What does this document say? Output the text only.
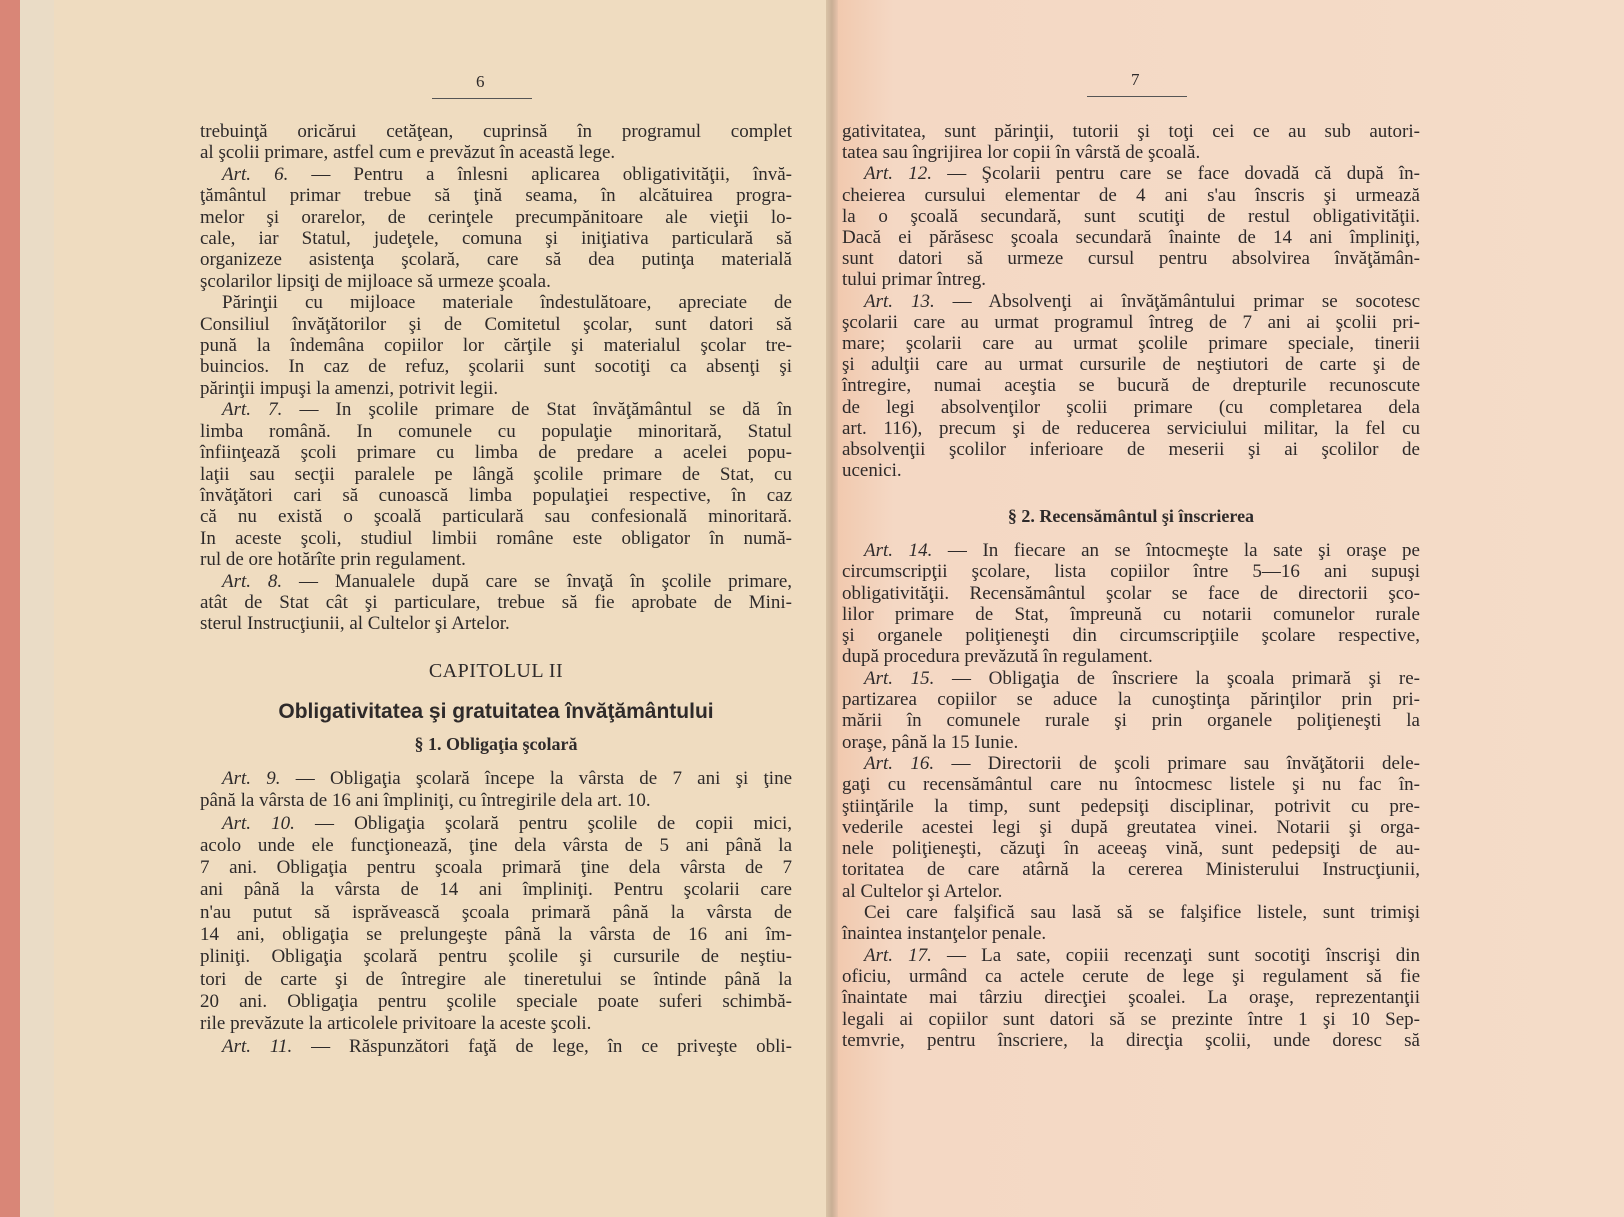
6	7
trebuinţă oricărui cetăţean, cuprinsă în programul complet
al şcolii primare, astfel cum e prevăzut în această lege.
Art. 6. — Pentru a înlesni aplicarea obligativităţii, învă-
ţământul primar trebue să ţină seama, în alcătuirea progra-
melor şi orarelor, de cerinţele precumpănitoare ale vieţii lo-
cale, iar Statul, judeţele, comuna şi iniţiativa particulară să
organizeze asistenţa şcolară, care să dea putinţa materială
şcolarilor lipsiţi de mijloace să urmeze şcoala.
Părinţii cu mijloace materiale îndestulătoare, apreciate de
Consiliul învăţătorilor şi de Comitetul şcolar, sunt datori să
pună la îndemâna copiilor lor cărţile şi materialul şcolar tre-
buincios. In caz de refuz, şcolarii sunt socotiţi ca absenţi şi
părinţii impuşi la amenzi, potrivit legii.
Art. 7. — In şcolile primare de Stat învăţământul se dă în
limba română. In comunele cu populaţie minoritară, Statul
înfiinţează şcoli primare cu limba de predare a acelei popu-
laţii sau secţii paralele pe lângă şcolile primare de Stat, cu
învăţători cari să cunoască limba populaţiei respective, în caz
că nu există o şcoală particulară sau confesională minoritară.
In aceste şcoli, studiul limbii române este obligator în numă-
rul de ore hotărîte prin regulament.
Art. 8. — Manualele după care se învaţă în şcolile primare,
atât de Stat cât şi particulare, trebue să fie aprobate de Mini-
sterul Instrucţiunii, al Cultelor şi Artelor.
CAPITOLUL II
Obligativitatea şi gratuitatea învăţământului
§ 1. Obligaţia şcolară
Art. 9. — Obligaţia şcolară începe la vârsta de 7 ani şi ţine
până la vârsta de 16 ani împliniţi, cu întregirile dela art. 10.
Art. 10. — Obligaţia şcolară pentru şcolile de copii mici,
acolo unde ele funcţionează, ţine dela vârsta de 5 ani până la
7 ani. Obligaţia pentru şcoala primară ţine dela vârsta de 7
ani până la vârsta de 14 ani împliniţi. Pentru şcolarii care
n'au putut să isprăvească şcoala primară până la vârsta de
14 ani, obligaţia se prelungeşte până la vârsta de 16 ani îm-
pliniţi. Obligaţia şcolară pentru şcolile şi cursurile de neştiu-
tori de carte şi de întregire ale tineretului se întinde până la
20 ani. Obligaţia pentru şcolile speciale poate suferi schimbă-
rile prevăzute la articolele privitoare la aceste şcoli.
Art. 11. — Răspunzători faţă de lege, în ce priveşte obli-
gativitatea, sunt părinţii, tutorii şi toţi cei ce au sub autori-
tatea sau îngrijirea lor copii în vârstă de şcoală.
Art. 12. — Şcolarii pentru care se face dovadă că după în-
cheierea cursului elementar de 4 ani s'au înscris şi urmează
la o şcoală secundară, sunt scutiţi de restul obligativităţii.
Dacă ei părăsesc şcoala secundară înainte de 14 ani împliniţi,
sunt datori să urmeze cursul pentru absolvirea învăţămân-
tului primar întreg.
Art. 13. — Absolvenţi ai învăţământului primar se socotesc
şcolarii care au urmat programul întreg de 7 ani ai şcolii pri-
mare; şcolarii care au urmat şcolile primare speciale, tinerii
şi adulţii care au urmat cursurile de neştiutori de carte şi de
întregire, numai aceştia se bucură de drepturile recunoscute
de legi absolvenţilor şcolii primare (cu completarea dela
art. 116), precum şi de reducerea serviciului militar, la fel cu
absolvenţii şcolilor inferioare de meserii şi ai şcolilor de
ucenici.
§ 2. Recensământul şi înscrierea
Art. 14. — In fiecare an se întocmeşte la sate şi oraşe pe
circumscripţii şcolare, lista copiilor între 5—16 ani supuşi
obligativităţii. Recensământul şcolar se face de directorii şco-
lilor primare de Stat, împreună cu notarii comunelor rurale
şi organele poliţieneşti din circumscripţiile şcolare respective,
după procedura prevăzută în regulament.
Art. 15. — Obligaţia de înscriere la şcoala primară şi re-
partizarea copiilor se aduce la cunoştinţa părinţilor prin pri-
mării în comunele rurale şi prin organele poliţieneşti la
oraşe, până la 15 Iunie.
Art. 16. — Directorii de şcoli primare sau învăţătorii dele-
gaţi cu recensământul care nu întocmesc listele şi nu fac în-
ştiinţările la timp, sunt pedepsiţi disciplinar, potrivit cu pre-
vederile acestei legi şi după greutatea vinei. Notarii şi orga-
nele poliţieneşti, căzuţi în aceeaş vină, sunt pedepsiţi de au-
toritatea de care atârnă la cererea Ministerului Instrucţiunii,
al Cultelor şi Artelor.
Cei care falşifică sau lasă să se falşifice listele, sunt trimişi
înaintea instanţelor penale.
Art. 17. — La sate, copiii recenzaţi sunt socotiţi înscrişi din
oficiu, urmând ca actele cerute de lege şi regulament să fie
înaintate mai târziu direcţiei şcoalei. La oraşe, reprezentanţii
legali ai copiilor sunt datori să se prezinte între 1 şi 10 Sep-
temvrie, pentru înscriere, la direcţia şcolii, unde doresc să
